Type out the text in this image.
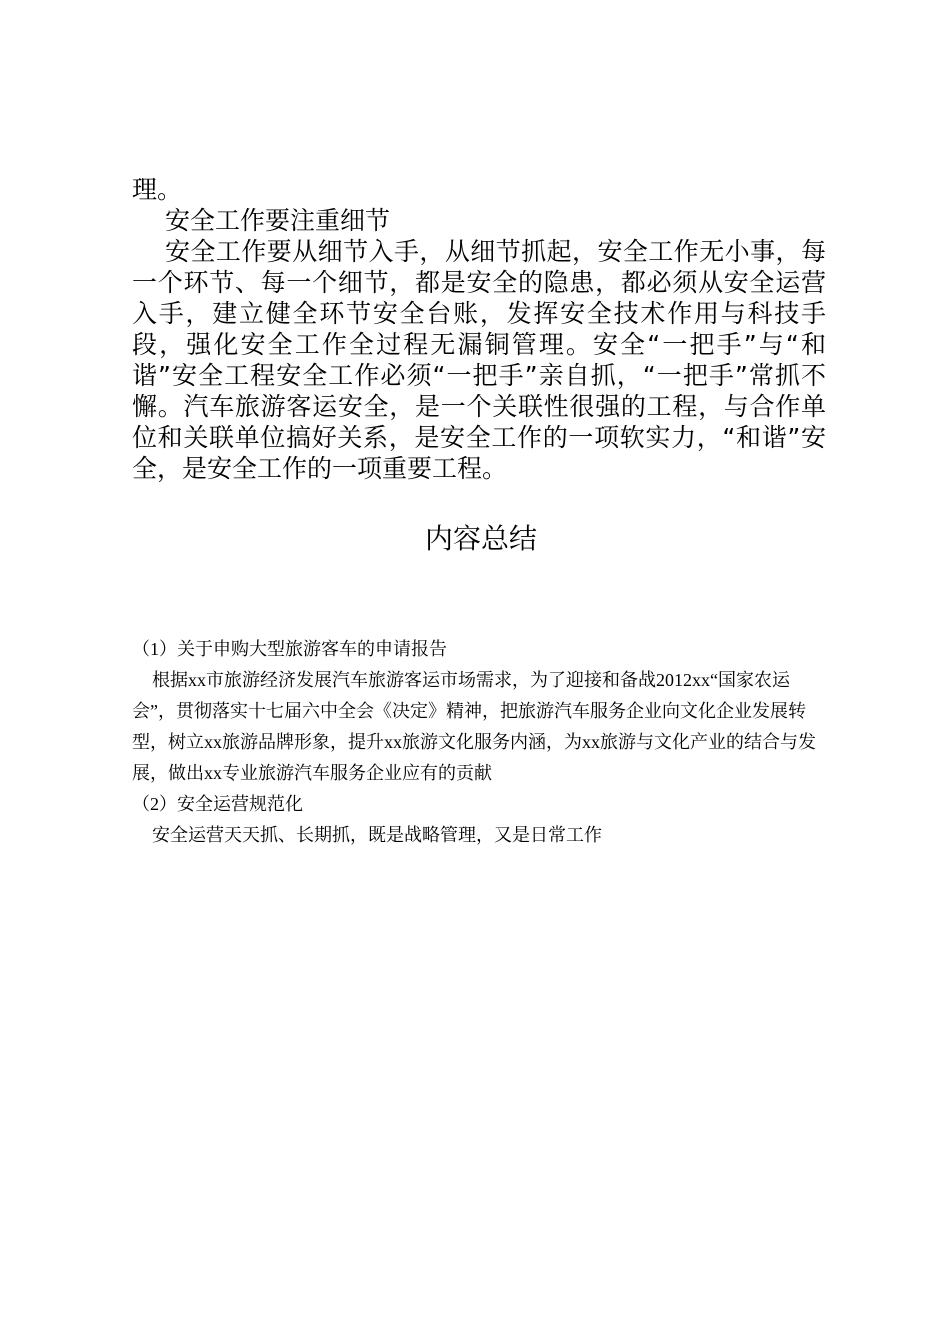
理。

安全工作要注重细节

安全工作要从细节入手，从细节抓起，安全工作无小事，每一个环节、每一个细节，都是安全的隐患，都必须从安全运营入手，建立健全环节安全台账，发挥安全技术作用与科技手段，强化安全工作全过程无漏铜管理。安全“一把手”与“和谐”安全工程安全工作必须“一把手”亲自抓，“一把手”常抓不懈。汽车旅游客运安全，是一个关联性很强的工程，与合作单位和关联单位搞好关系，是安全工作的一项软实力，“和谐”安全，是安全工作的一项重要工程。

内容总结

（1）关于申购大型旅游客车的申请报告

根据xx市旅游经济发展汽车旅游客运市场需求，为了迎接和备战2012xx“国家农运会”，贯彻落实十七届六中全会《决定》精神，把旅游汽车服务企业向文化企业发展转型，树立xx旅游品牌形象，提升xx旅游文化服务内涵，为xx旅游与文化产业的结合与发展，做出xx专业旅游汽车服务企业应有的贡献

（2）安全运营规范化

安全运营天天抓、长期抓，既是战略管理，又是日常工作
